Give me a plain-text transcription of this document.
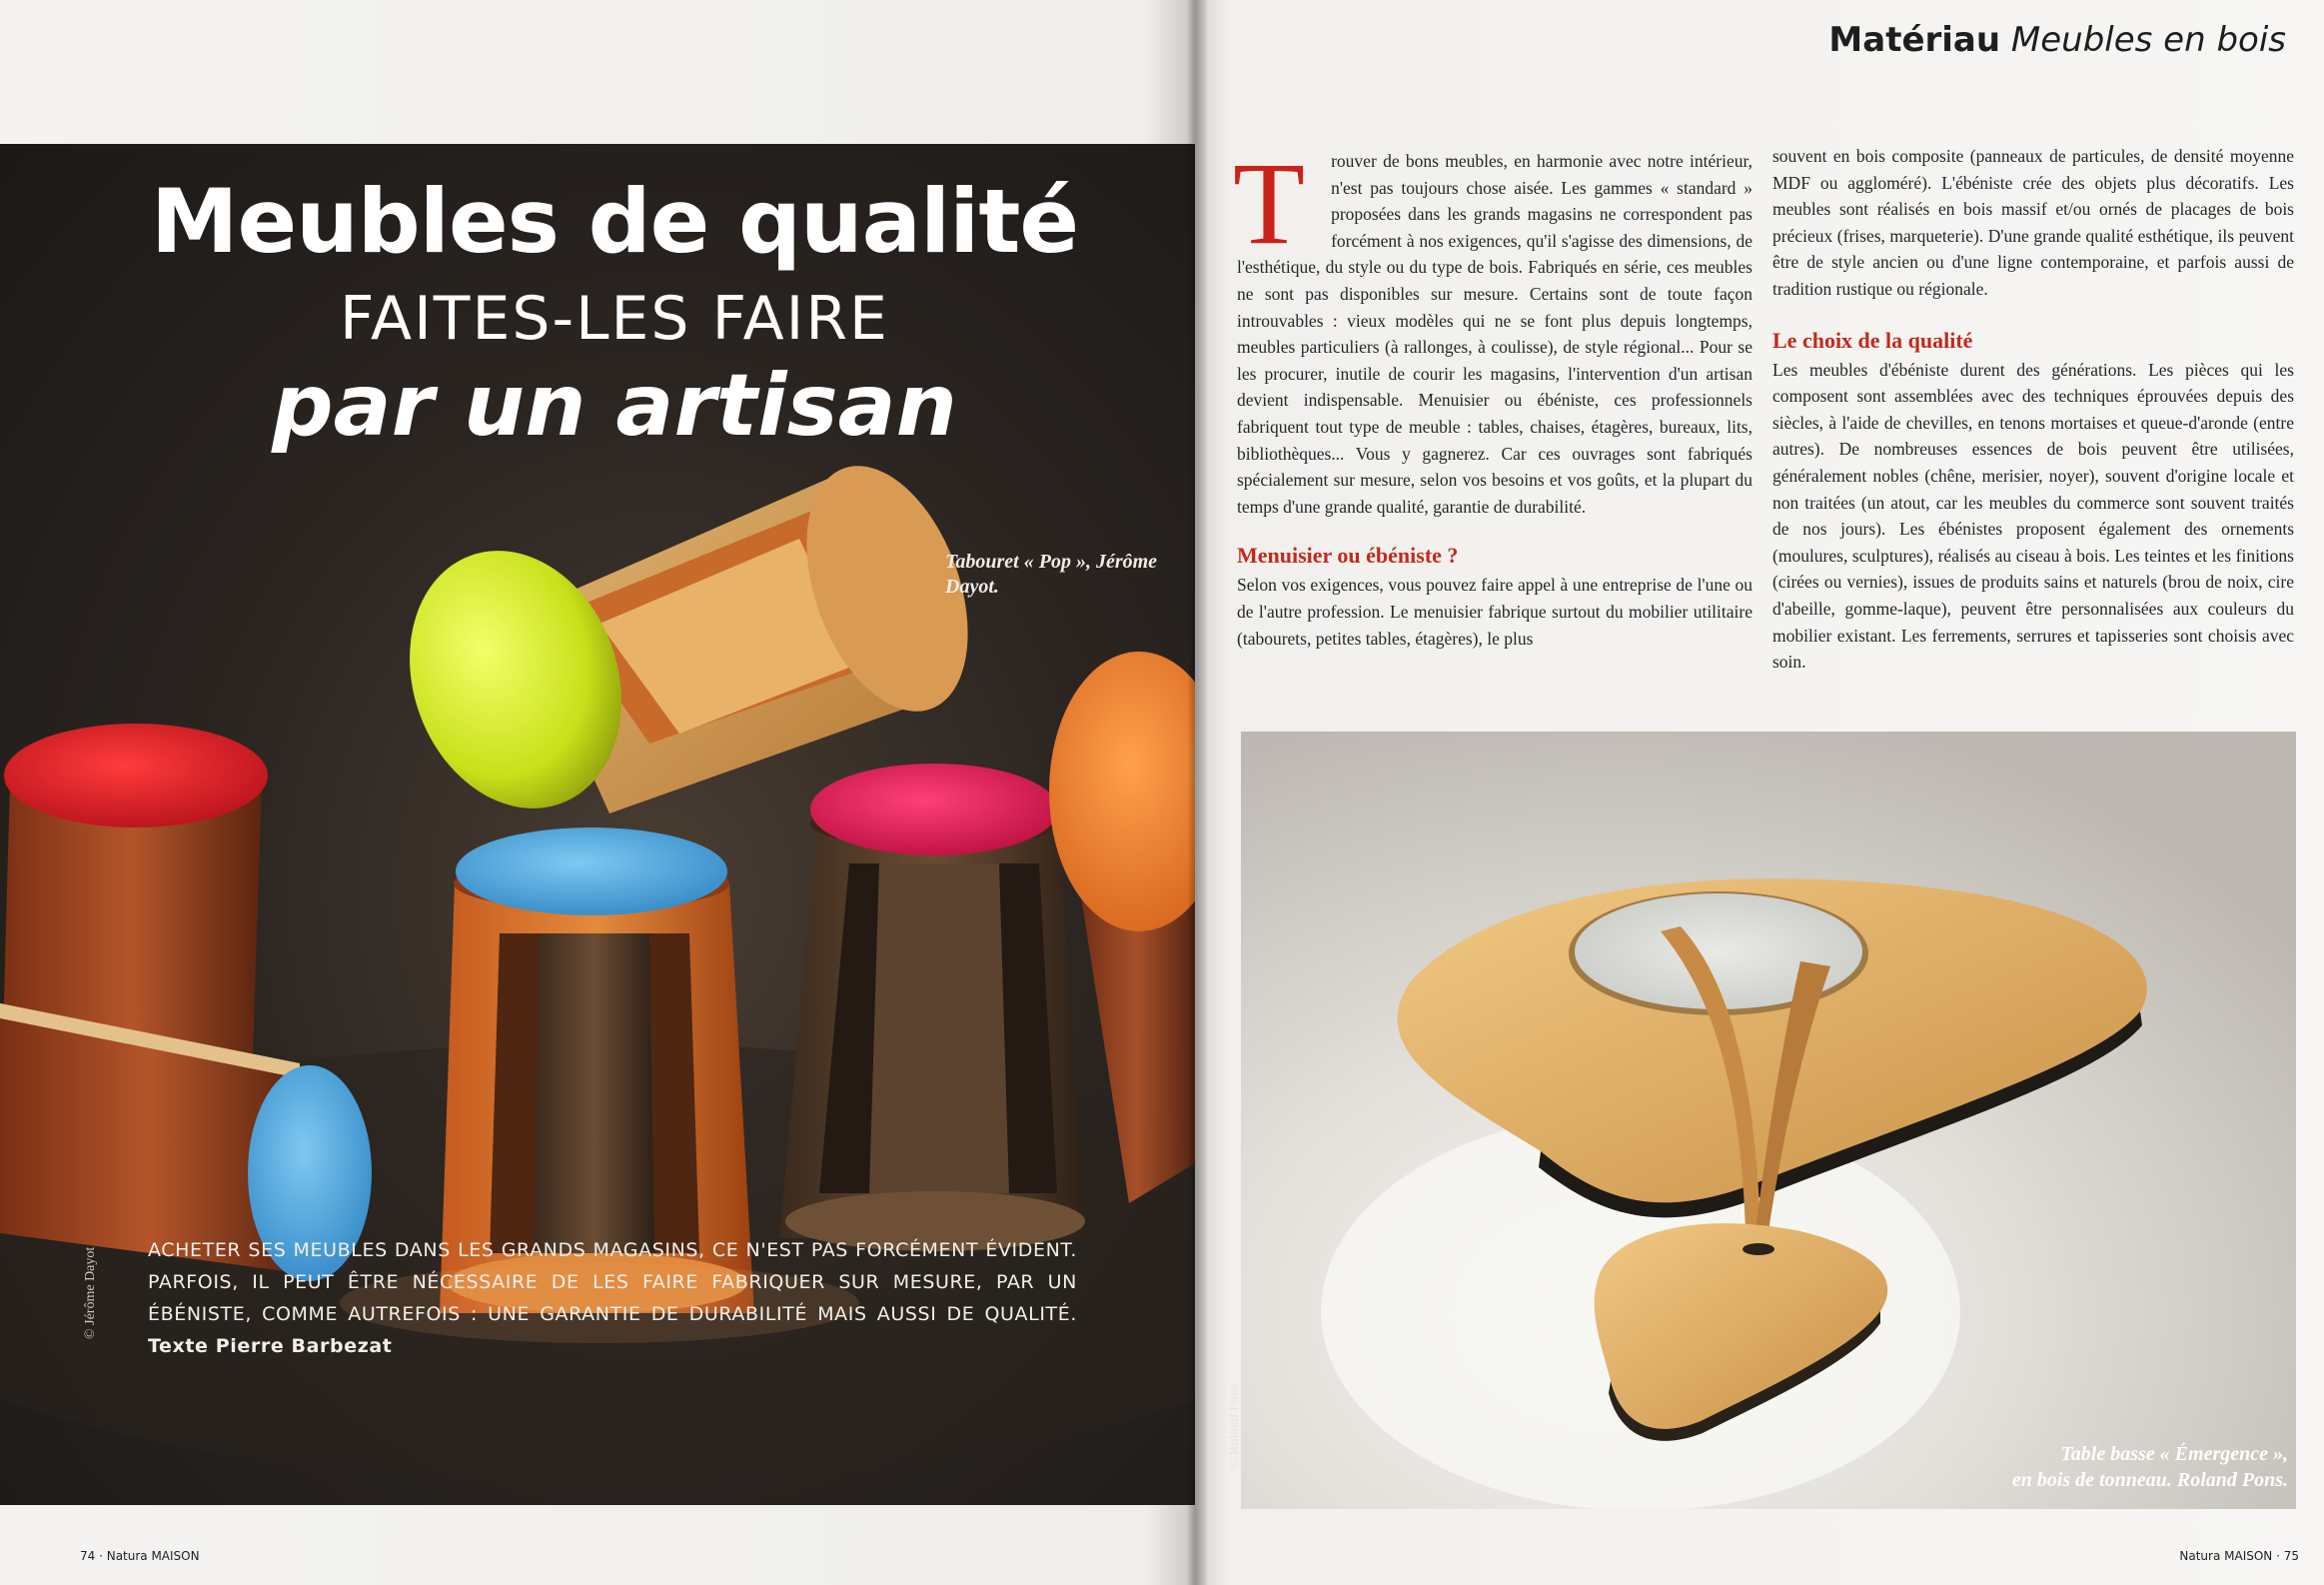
Meubles de qualité
FAITES-LES FAIRE
par un artisan
Tabouret « Pop », Jérôme Dayot.
© Jérôme Dayot	ACHETER SES MEUBLES DANS LES GRANDS MAGASINS, CE N'EST PAS FORCÉMENT ÉVIDENT. PARFOIS, IL PEUT ÊTRE NÉCESSAIRE DE LES FAIRE FABRIQUER SUR MESURE, PAR UN ÉBÉNISTE, COMME AUTREFOIS : UNE GARANTIE DE DURABILITÉ MAIS AUSSI DE QUALITÉ. Texte Pierre Barbezat
74 · Natura MAISON
Matériau Meubles en bois

T rouver de bons meubles, en harmonie avec notre intérieur, n'est pas toujours chose aisée. Les gammes « standard » proposées dans les grands magasins ne correspondent pas forcément à nos exigences, qu'il s'agisse des dimensions, de l'esthétique, du style ou du type de bois. Fabriqués en série, ces meubles ne sont pas disponibles sur mesure. Certains sont de toute façon introuvables : vieux modèles qui ne se font plus depuis longtemps, meubles particuliers (à rallonges, à coulisse), de style régional... Pour se les procurer, inutile de courir les magasins, l'intervention d'un artisan devient indispensable. Menuisier ou ébéniste, ces professionnels fabriquent tout type de meuble : tables, chaises, étagères, bureaux, lits, bibliothèques... Vous y gagnerez. Car ces ouvrages sont fabriqués spécialement sur mesure, selon vos besoins et vos goûts, et la plupart du temps d'une grande qualité, garantie de durabilité.

Menuisier ou ébéniste ?

Selon vos exigences, vous pouvez faire appel à une entreprise de l'une ou de l'autre profession. Le menuisier fabrique surtout du mobilier utilitaire (tabourets, petites tables, étagères), le plus

souvent en bois composite (panneaux de particules, de densité moyenne MDF ou aggloméré). L'ébéniste crée des objets plus décoratifs. Les meubles sont réalisés en bois massif et/ou ornés de placages de bois précieux (frises, marqueterie). D'une grande qualité esthétique, ils peuvent être de style ancien ou d'une ligne contemporaine, et parfois aussi de tradition rustique ou régionale.

Le choix de la qualité

Les meubles d'ébéniste durent des générations. Les pièces qui les composent sont assemblées avec des techniques éprouvées depuis des siècles, à l'aide de chevilles, en tenons mortaises et queue-d'aronde (entre autres). De nombreuses essences de bois peuvent être utilisées, généralement nobles (chêne, merisier, noyer), souvent d'origine locale et non traitées (un atout, car les meubles du commerce sont souvent traités de nos jours). Les ébénistes proposent également des ornements (moulures, sculptures), réalisés au ciseau à bois. Les teintes et les finitions (cirées ou vernies), issues de produits sains et naturels (brou de noix, cire d'abeille, gomme-laque), peuvent être personnalisées aux couleurs du mobilier existant. Les ferrements, serrures et tapisseries sont choisis avec soin.

Table basse « Émergence »,
en bois de tonneau. Roland Pons.
© Roland Pons
Natura MAISON · 75
